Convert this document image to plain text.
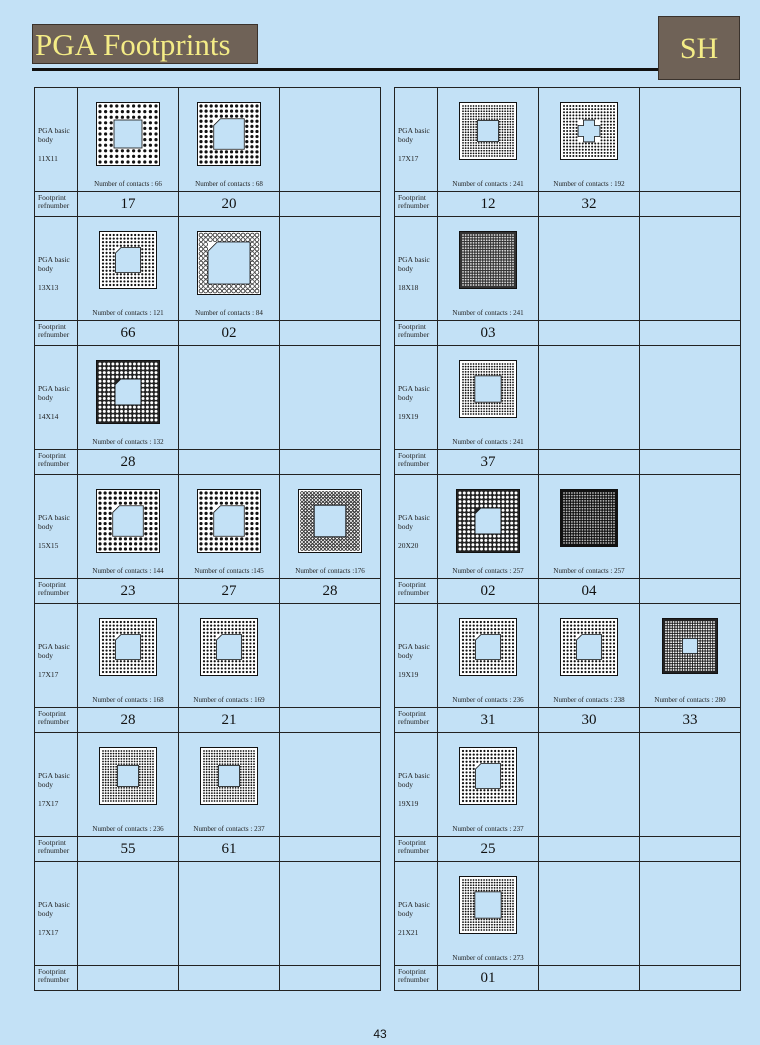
PGA Footprints	SH
PGA basic body
11X11	Number of contacts : 66	Number of contacts : 68	

Footprint refnumber	17	20	

PGA basic body
13X13	Number of contacts : 121	Number of contacts : 84	

Footprint refnumber	66	02	

PGA basic body
14X14	Number of contacts : 132		

Footprint refnumber	28		

PGA basic body
15X15	Number of contacts : 144	Number of contacts :145	Number of contacts :176

Footprint refnumber	23	27	28

PGA basic body
17X17	Number of contacts : 168	Number of contacts : 169	

Footprint refnumber	28	21	

PGA basic body
17X17	Number of contacts : 236	Number of contacts : 237	

Footprint refnumber	55	61	

PGA basic body
17X17			

Footprint refnumber			

PGA basic body
17X17	Number of contacts : 241	Number of contacts : 192	

Footprint refnumber	12	32	

PGA basic body
18X18	Number of contacts : 241		

Footprint refnumber	03		

PGA basic body
19X19	Number of contacts : 241		

Footprint refnumber	37		

PGA basic body
20X20	Number of contacts : 257	Number of contacts : 257	

Footprint refnumber	02	04	

PGA basic body
19X19	Number of contacts : 236	Number of contacts : 238	Number of contacts : 280

Footprint refnumber	31	30	33

PGA basic body
19X19	Number of contacts : 237		

Footprint refnumber	25		

PGA basic body
21X21	Number of contacts : 273		

Footprint refnumber	01		

43
